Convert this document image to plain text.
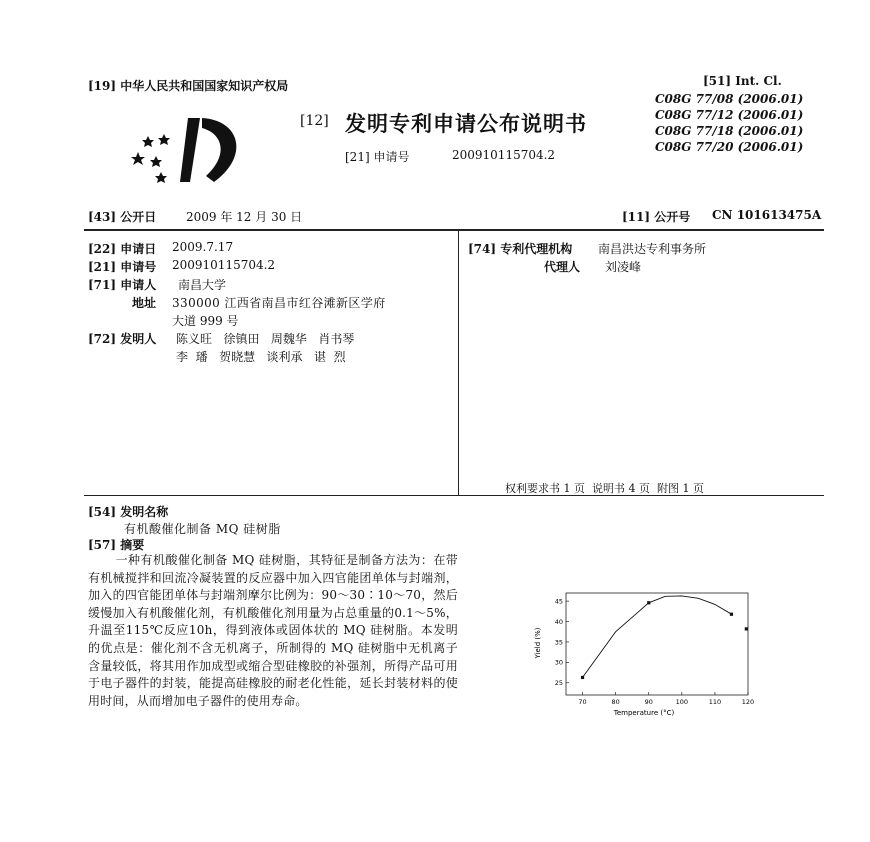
[19] 中华人民共和国国家知识产权局
[12] 发明专利申请公布说明书
[21] 申请号	200910115704.2
[51] Int. Cl.
C08G 77/08 (2006.01)
C08G 77/12 (2006.01)
C08G 77/18 (2006.01)
C08G 77/20 (2006.01)
[43] 公开日 2009 年 12 月 30 日	[11] 公开号 CN 101613475A
[22] 申请日 2009.7.17
[21] 申请号 200910115704.2
[71] 申请人 南昌大学
地址 330000 江西省南昌市红谷滩新区学府
大道 999 号
[72] 发明人 陈义旺   徐镇田   周魏华   肖书琴
李  璠   贺晓慧   谈利承   谌  烈
[74] 专利代理机构 南昌洪达专利事务所
代理人 刘凌峰
权利要求书 1 页  说明书 4 页  附图 1 页
[54] 发明名称
有机酸催化制备 MQ 硅树脂
[57] 摘要
一种有机酸催化制备 MQ 硅树脂，其特征是制备方法为：在带有机械搅拌和回流冷凝装置的反应器中加入四官能团单体与封端剂，加入的四官能团单体与封端剂摩尔比例为：90～30∶10～70，然后缓慢加入有机酸催化剂，有机酸催化剂用量为占总重量的0.1～5%，升温至115℃反应10h，得到液体或固体状的 MQ 硅树脂。本发明的优点是：催化剂不含无机离子，所制得的 MQ 硅树脂中无机离子含量较低，将其用作加成型或缩合型硅橡胶的补强剂，所得产品可用于电子器件的封装，能提高硅橡胶的耐老化性能，延长封装材料的使用时间，从而增加电子器件的使用寿命。	70	80	90	100	110	120
25
30
35
40
45
Temperature (°C)
Yield (%)
